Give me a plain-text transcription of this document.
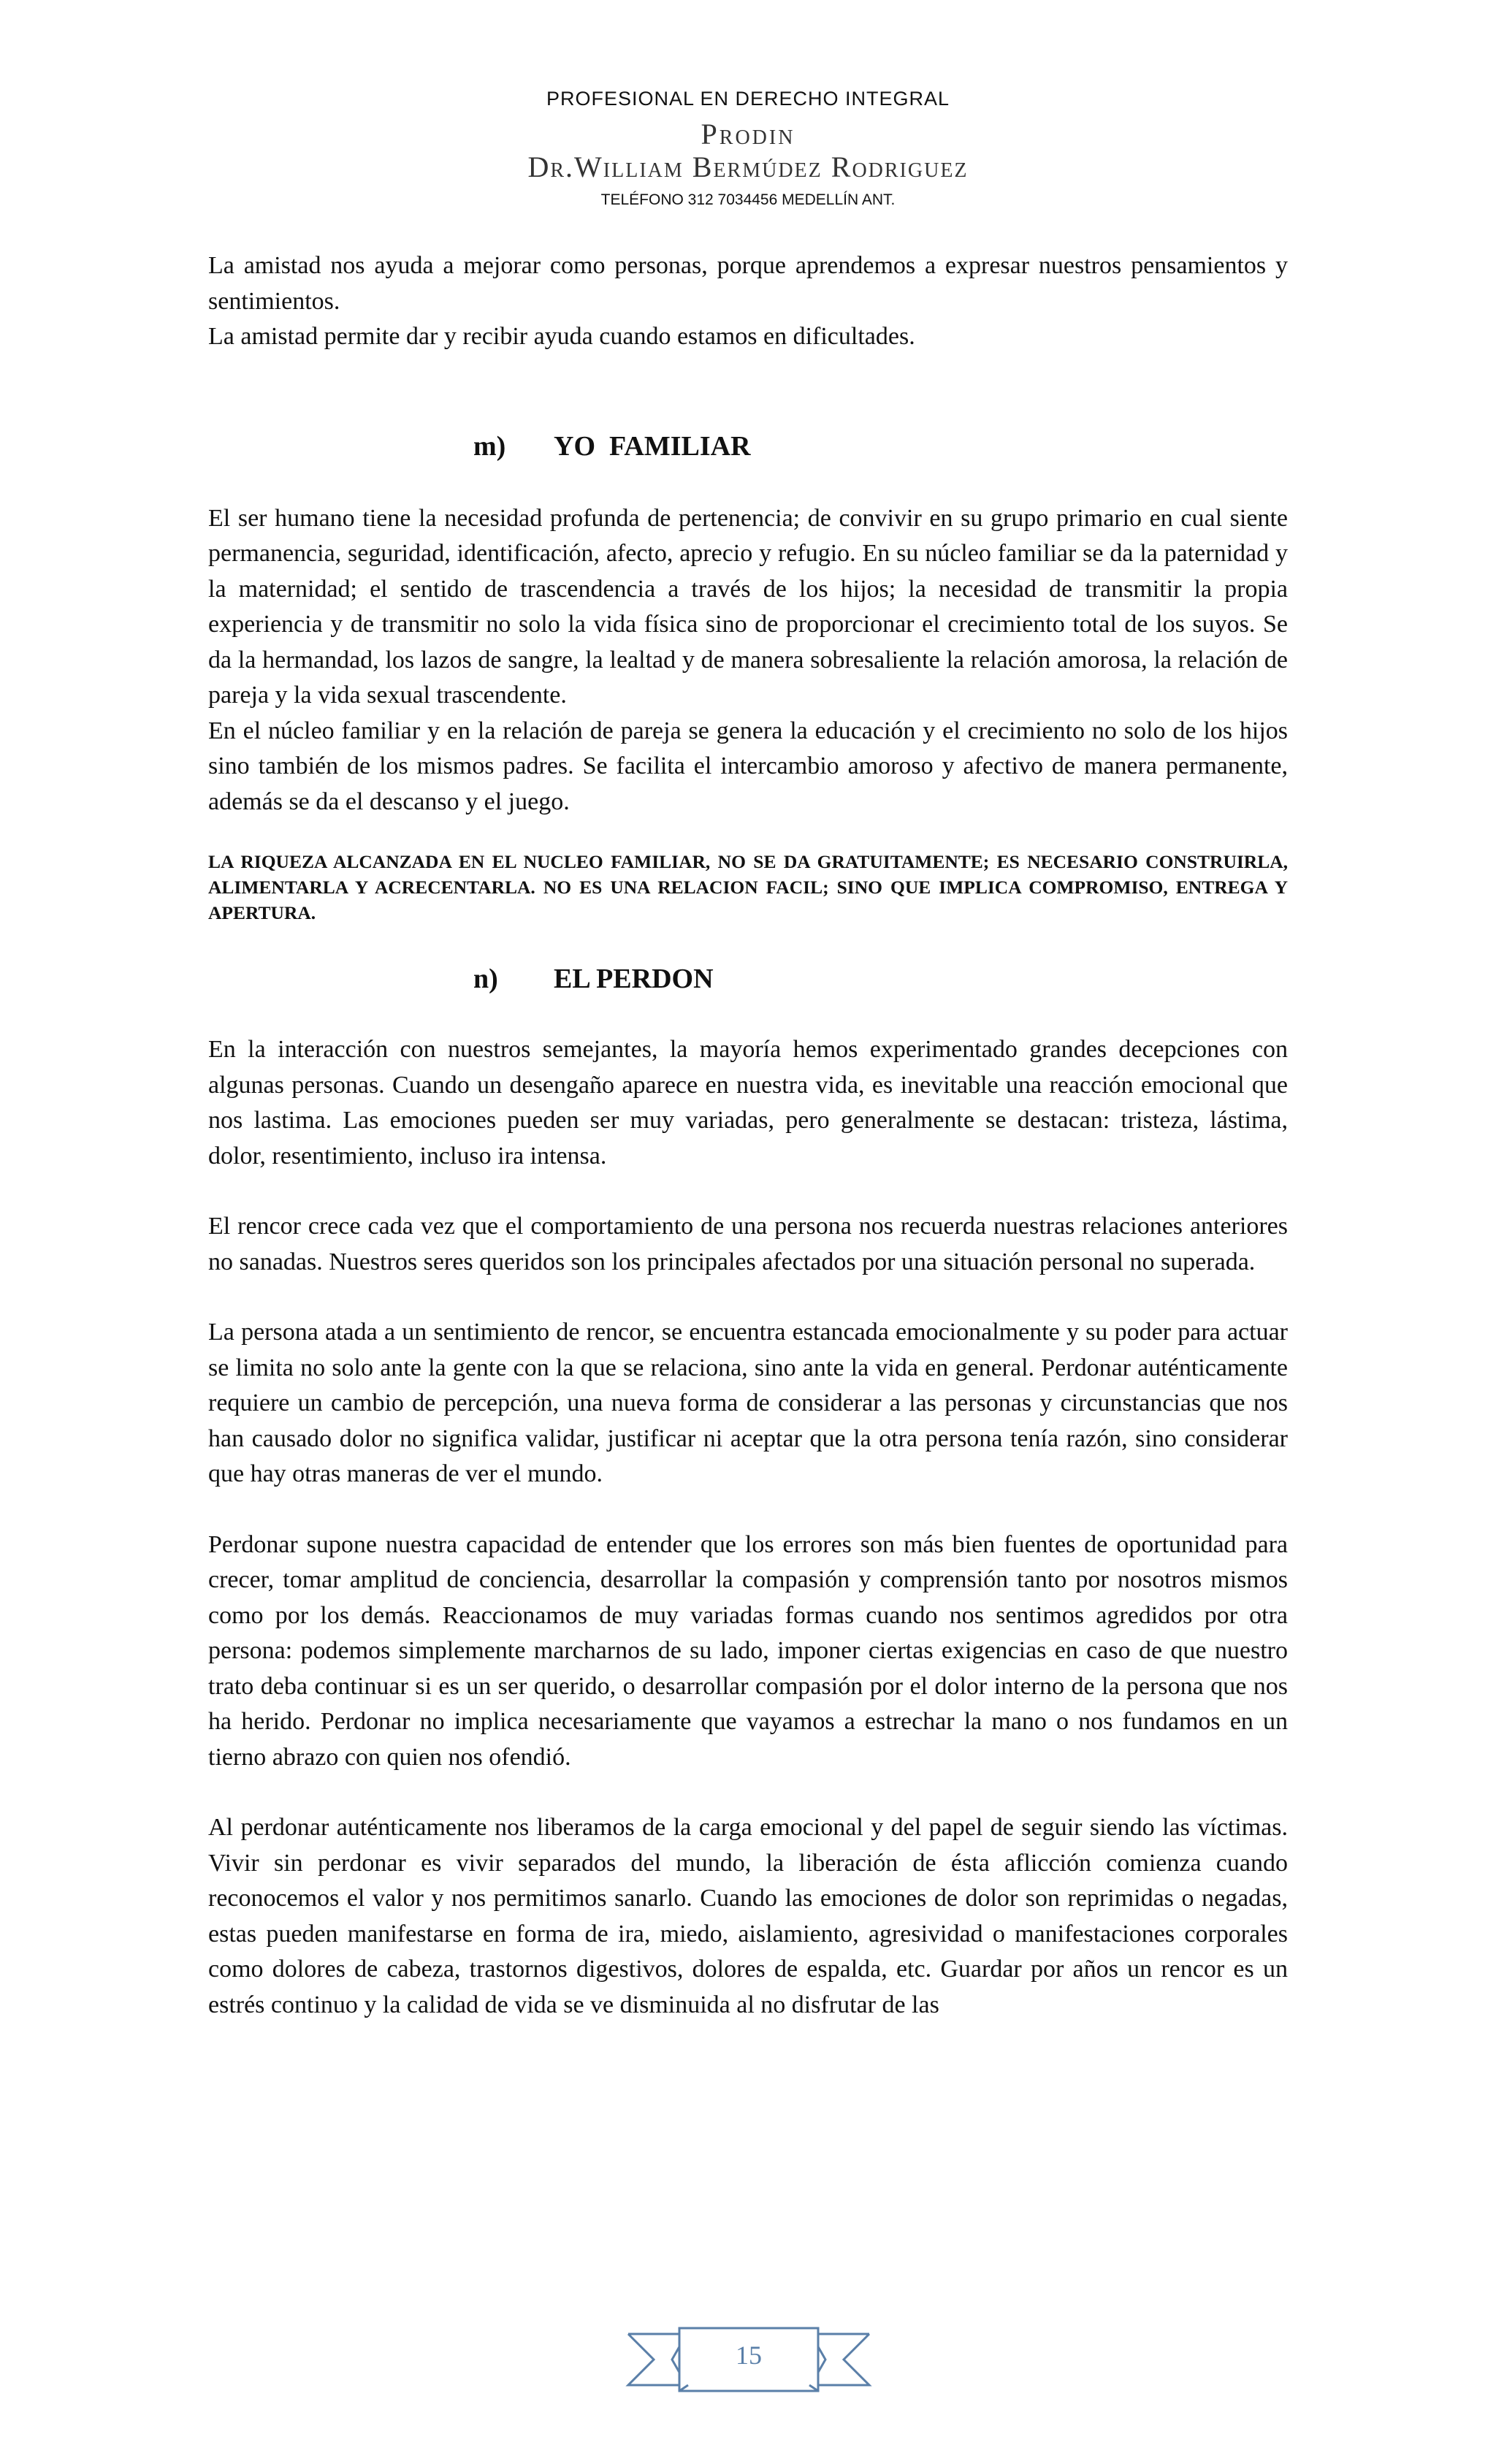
PROFESIONAL EN DERECHO INTEGRAL
Prodin
Dr.William Bermúdez Rodriguez
TELÉFONO 312 7034456 MEDELLÍN ANT.

La amistad nos ayuda a mejorar como personas, porque aprendemos a expresar nuestros pensamientos y sentimientos.

La amistad permite dar y recibir ayuda cuando estamos en dificultades.

m) YO  FAMILIAR

El ser humano tiene la necesidad profunda de pertenencia; de convivir en su grupo primario en cual siente permanencia, seguridad, identificación, afecto, aprecio y refugio. En su núcleo familiar se da la paternidad y la maternidad; el sentido de trascendencia a través de los hijos; la necesidad de transmitir la propia experiencia y de transmitir no solo la vida física sino de proporcionar el crecimiento total de los suyos. Se da la hermandad, los lazos de sangre, la lealtad y de manera sobresaliente la relación amorosa, la relación de pareja y la vida sexual trascendente.

En el núcleo familiar y en la relación de pareja se genera la educación y el crecimiento no solo de los hijos sino también de los mismos padres. Se facilita el intercambio amoroso y afectivo de manera permanente, además se da el descanso y el juego.

LA RIQUEZA ALCANZADA EN EL NUCLEO FAMILIAR, NO SE DA GRATUITAMENTE; ES NECESARIO CONSTRUIRLA, ALIMENTARLA Y ACRECENTARLA. NO ES UNA RELACION FACIL; SINO QUE IMPLICA COMPROMISO, ENTREGA Y APERTURA.

n) EL PERDON

En la interacción con nuestros semejantes, la mayoría hemos experimentado grandes decepciones con algunas personas. Cuando un desengaño aparece en nuestra vida, es inevitable una reacción emocional que nos lastima. Las emociones pueden ser muy variadas, pero generalmente se destacan: tristeza, lástima, dolor, resentimiento, incluso ira intensa.

El rencor crece cada vez que el comportamiento de una persona nos recuerda nuestras relaciones anteriores no sanadas. Nuestros seres queridos son los principales afectados por una situación personal no superada.

La persona atada a un sentimiento de rencor, se encuentra estancada emocionalmente y su poder para actuar se limita no solo ante la gente con la que se relaciona, sino ante la vida en general. Perdonar auténticamente requiere un cambio de percepción, una nueva forma de considerar a las personas y circunstancias que nos han causado dolor no significa validar, justificar ni aceptar que la otra persona tenía razón, sino considerar que hay otras maneras de ver el mundo.

Perdonar supone nuestra capacidad de entender que los errores son más bien fuentes de oportunidad para crecer, tomar amplitud de conciencia, desarrollar la compasión y comprensión tanto por nosotros mismos como por los demás. Reaccionamos de muy variadas formas cuando nos sentimos agredidos por otra persona: podemos simplemente marcharnos de su lado, imponer ciertas exigencias en caso de que nuestro trato deba continuar si es un ser querido, o desarrollar compasión por el dolor interno de la persona que nos ha herido. Perdonar no implica necesariamente que vayamos a estrechar la mano o nos fundamos en un tierno abrazo con quien nos ofendió.

Al perdonar auténticamente nos liberamos de la carga emocional y del papel de seguir siendo las víctimas. Vivir sin perdonar es vivir separados del mundo, la liberación de ésta aflicción comienza cuando reconocemos el valor y nos permitimos sanarlo. Cuando las emociones de dolor son reprimidas o negadas, estas pueden manifestarse en forma de ira, miedo, aislamiento, agresividad o manifestaciones corporales como dolores de cabeza, trastornos digestivos, dolores de espalda, etc. Guardar por años un rencor es un estrés continuo y la calidad de vida se ve disminuida al no disfrutar de las

15
